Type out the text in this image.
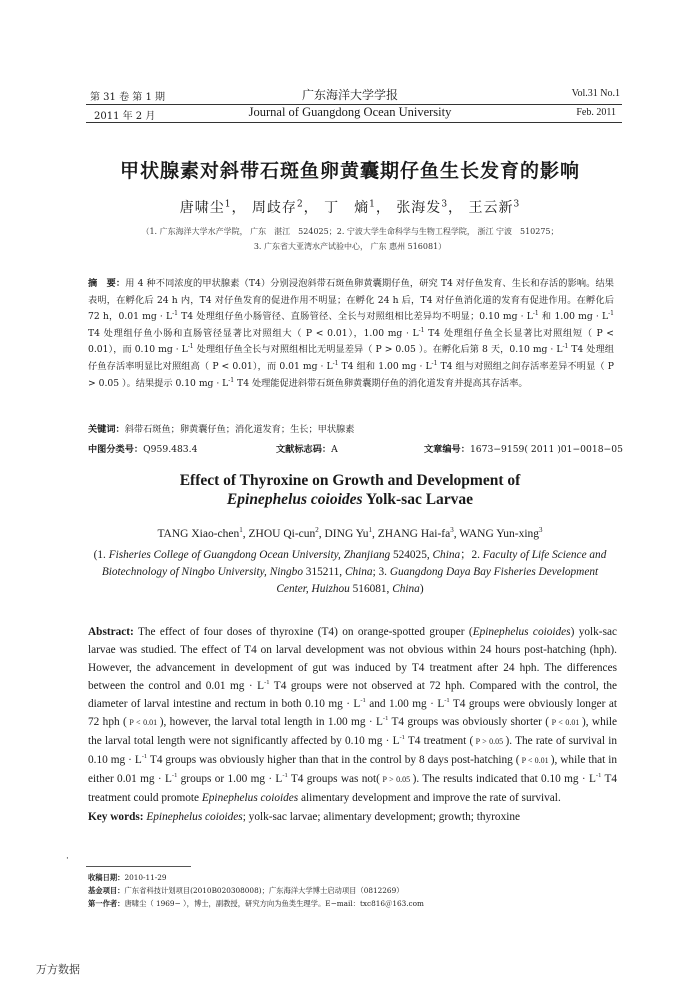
第 31 卷 第 1 期
2011 年 2 月
广东海洋大学学报
Journal of Guangdong Ocean University
Vol.31 No.1
Feb. 2011
甲状腺素对斜带石斑鱼卵黄囊期仔鱼生长发育的影响
唐啸尘$^1$， 周歧存$^2$， 丁　熵$^1$， 张海发$^3$， 王云新$^3$
（1. 广东海洋大学水产学院， 广东　湛江　524025；2. 宁波大学生命科学与生物工程学院， 浙江 宁波　510275；
3. 广东省大亚湾水产试验中心， 广东 惠州 516081）
摘　要：用 4 种不同浓度的甲状腺素（T4）分别浸泡斜带石斑鱼卵黄囊期仔鱼，研究 T4 对仔鱼发育、生长和存活的影响。结果表明，在孵化后 24 h 内，T4 对仔鱼发育的促进作用不明显；在孵化 24 h 后，T4 对仔鱼消化道的发育有促进作用。在孵化后 72 h，0.01 mg · $L^{-1}$ T4 处理组仔鱼小肠管径、直肠管径、全长与对照组相比差异均不明显；0.10 mg · $L^{-1}$ 和 1.00 mg · $L^{-1}$ T4 处理组仔鱼小肠和直肠管径显著比对照组大（ P < 0.01），1.00 mg · $L^{-1}$ T4 处理组仔鱼全长显著比对照组短（ P < 0.01），而 0.10 mg · $L^{-1}$ 处理组仔鱼全长与对照组相比无明显差异（ P > 0.05 ）。在孵化后第 8 天，0.10 mg · $L^{-1}$ T4 处理组仔鱼存活率明显比对照组高（ P < 0.01），而 0.01 mg · $L^{-1}$ T4 组和 1.00 mg · $L^{-1}$ T4 组与对照组之间存活率差异不明显（ P > 0.05 ）。结果提示 0.10 mg · $L^{-1}$ T4 处理能促进斜带石斑鱼卵黄囊期仔鱼的消化道发育并提高其存活率。
关键词：斜带石斑鱼；卵黄囊仔鱼；消化道发育；生长；甲状腺素
中图分类号：Q959.483.4	文献标志码：A	文章编号：1673−9159( 2011 )01−0018−05
Effect of Thyroxine on Growth and Development of
Epinephelus coioides Yolk-sac Larvae
TANG Xiao-chen$^1$, ZHOU Qi-cun$^2$, DING Yu$^1$, ZHANG Hai-$fa^3$, WANG Yun-xing$^3$
(1. Fisheries College of Guangdong Ocean University, Zhanjiang 524025, China；2. Faculty of Life Science and Biotechnology of Ningbo University, Ningbo 315211, China; 3. Guangdong Daya Bay Fisheries Development Center, Huizhou 516081, China)
Abstract: The effect of four doses of thyroxine (T4) on orange-spotted grouper (Epinephelus coioides) yolk-sac larvae was studied. The effect of T4 on larval development was not obvious within 24 hours post-hatching (hph). However, the advancement in development of gut was induced by T4 treatment after 24 hph. The differences between the control and 0.01 mg · $L^{-1}$ T4 groups were not observed at 72 hph. Compared with the control, the diameter of larval intestine and rectum in both 0.10 mg · $L^{-1}$ and 1.00 mg · $L^{-1}$ T4 groups were obviously longer at 72 hph ( P < 0.01 ), however, the larval total length in 1.00 mg · $L^{-1}$ T4 groups was obviously shorter ( P < 0.01 ), while the larval total length were not significantly affected by 0.10 mg · $L^{-1}$ T4 treatment ( P > 0.05 ). The rate of survival in 0.10 mg · $L^{-1}$ T4 groups was obviously higher than that in the control by 8 days post-hatching ( P < 0.01 ), while that in either 0.01 mg · $L^{-1}$ groups or 1.00 mg · $L^{-1}$ T4 groups was not( P > 0.05 ). The results indicated that 0.10 mg · $L^{-1}$ T4 treatment could promote Epinephelus coioides alimentary development and improve the rate of survival.
Key words: Epinephelus coioides; yolk-sac larvae; alimentary development; growth; thyroxine
·
收稿日期：2010-11-29
基金项目：广东省科技计划项目(2010B020308008)；广东海洋大学博士启动项目（0812269）
第一作者：唐啸尘（ 1969− ），博士，副教授，研究方向为鱼类生理学。E−mail：txc816＠163.com
万方数据
